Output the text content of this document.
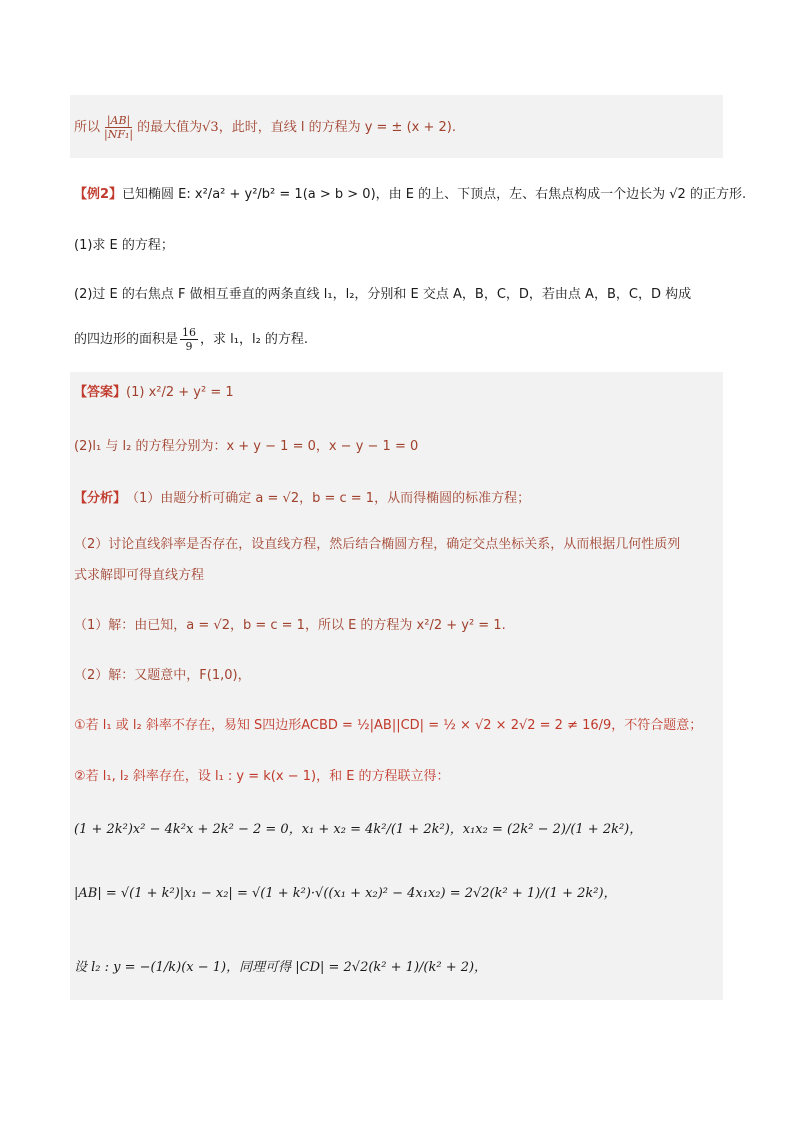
所以 $\frac{|AB|}{\text{|NF₁|}}$ 的最大值为 √3 ，此时，直线 l 的方程为 y = ± (x + 2).
【例2】 已知椭圆 E: x²/a² + y²/b² = 1(a > b > 0)，由 E 的上、下顶点，左、右焦点构成一个边长为 √2 的正方形.
(1)求 E 的方程；
(2)过 E 的右焦点 F 做相互垂直的两条直线 l₁，l₂，分别和 E 交点 A，B，C，D，若由点 A，B，C，D 构成
的四边形的面积是 $\frac{16}{9}$ ，求 l₁，l₂ 的方程.
【答案】 (1) x²/2 + y² = 1
(2)l₁ 与 l₂ 的方程分别为：x + y − 1 = 0，x − y − 1 = 0
【分析】 （1）由题分析可确定 a = √2，b = c = 1，从而得椭圆的标准方程；
（2）讨论直线斜率是否存在，设直线方程，然后结合椭圆方程，确定交点坐标关系，从而根据几何性质列
式求解即可得直线方程
（1）解： 由已知，a = √2，b = c = 1，所以 E 的方程为 x²/2 + y² = 1.
（2）解： 又题意中，F(1,0)，
① 若 l₁ 或 l₂ 斜率不存在，易知 S四边形ACBD = ½|AB||CD| = ½ × √2 × 2√2 = 2 ≠ 16/9，不符合题意；
② 若 l₁, l₂ 斜率存在，设 l₁ : y = k(x − 1)，和 E 的方程联立得：
(1 + 2k²)x² − 4k²x + 2k² − 2 = 0，x₁ + x₂ = 4k²/(1 + 2k²)，x₁x₂ = (2k² − 2)/(1 + 2k²)，
|AB| = √(1 + k²)|x₁ − x₂| = √(1 + k²)·√((x₁ + x₂)² − 4x₁x₂) = 2√2(k² + 1)/(1 + 2k²)，
设 l₂ : y = −(1/k)(x − 1)，同理可得 |CD| = 2√2(k² + 1)/(k² + 2)，
